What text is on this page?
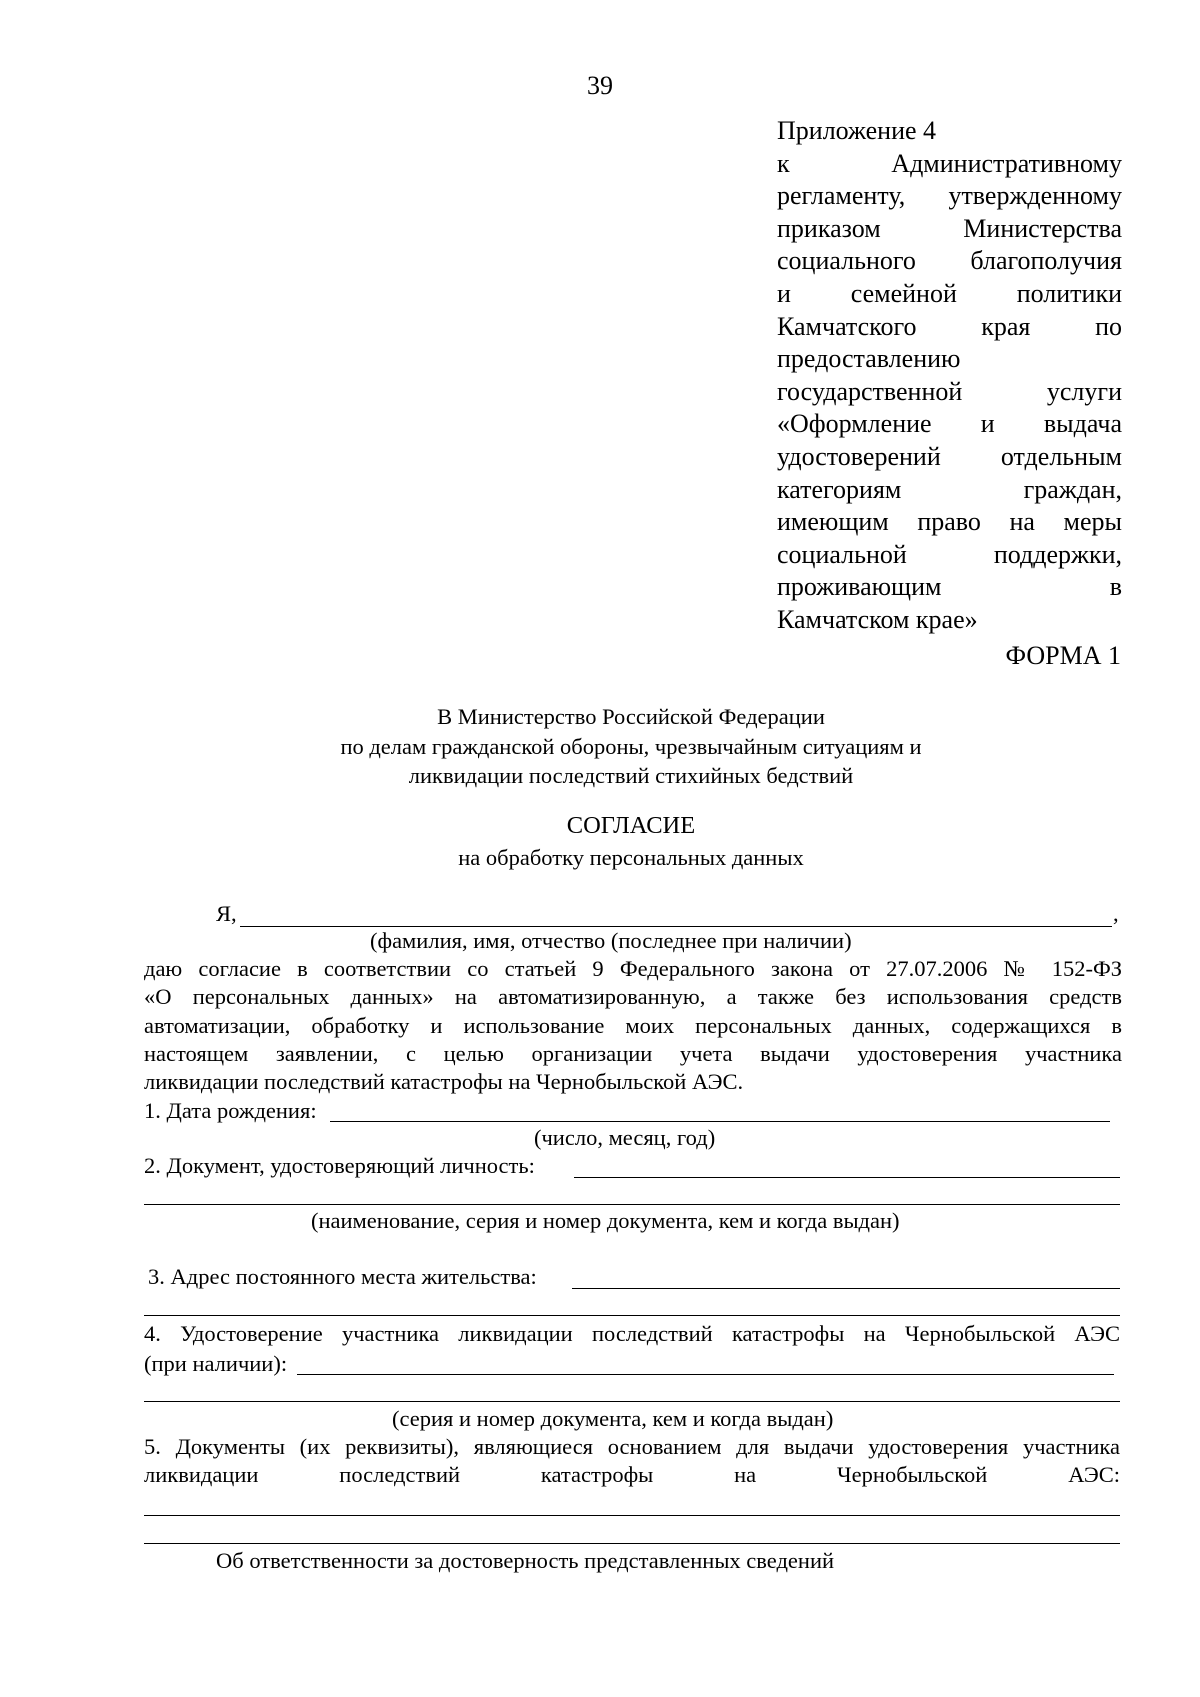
39
Приложение 4
к Административному
регламенту, утвержденному
приказом Министерства
социального благополучия
и семейной политики
Камчатского края по
предоставлению
государственной услуги
«Оформление и выдача
удостоверений отдельным
категориям граждан,
имеющим право на меры
социальной поддержки,
проживающим в
Камчатском крае»
ФОРМА 1
В Министерство Российской Федерации
по делам гражданской обороны, чрезвычайным ситуациям и
ликвидации последствий стихийных бедствий
СОГЛАСИЕ
на обработку персональных данных
Я,	,
(фамилия, имя, отчество (последнее при наличии)
даю согласие в соответствии со статьей 9 Федерального закона от 27.07.2006 № 152-ФЗ
«О персональных данных» на автоматизированную, а также без использования средств
автоматизации, обработку и использование моих персональных данных, содержащихся в
настоящем заявлении, с целью организации учета выдачи удостоверения участника
ликвидации последствий катастрофы на Чернобыльской АЭС.
1. Дата рождения:
(число, месяц, год)
2. Документ, удостоверяющий личность:
(наименование, серия и номер документа, кем и когда выдан)
3. Адрес постоянного места жительства:
4. Удостоверение участника ликвидации последствий катастрофы на Чернобыльской АЭС
(при наличии):
(серия и номер документа, кем и когда выдан)
5. Документы (их реквизиты), являющиеся основанием для выдачи удостоверения участника
ликвидации последствий катастрофы на Чернобыльской АЭС:
Об ответственности за достоверность представленных сведений
